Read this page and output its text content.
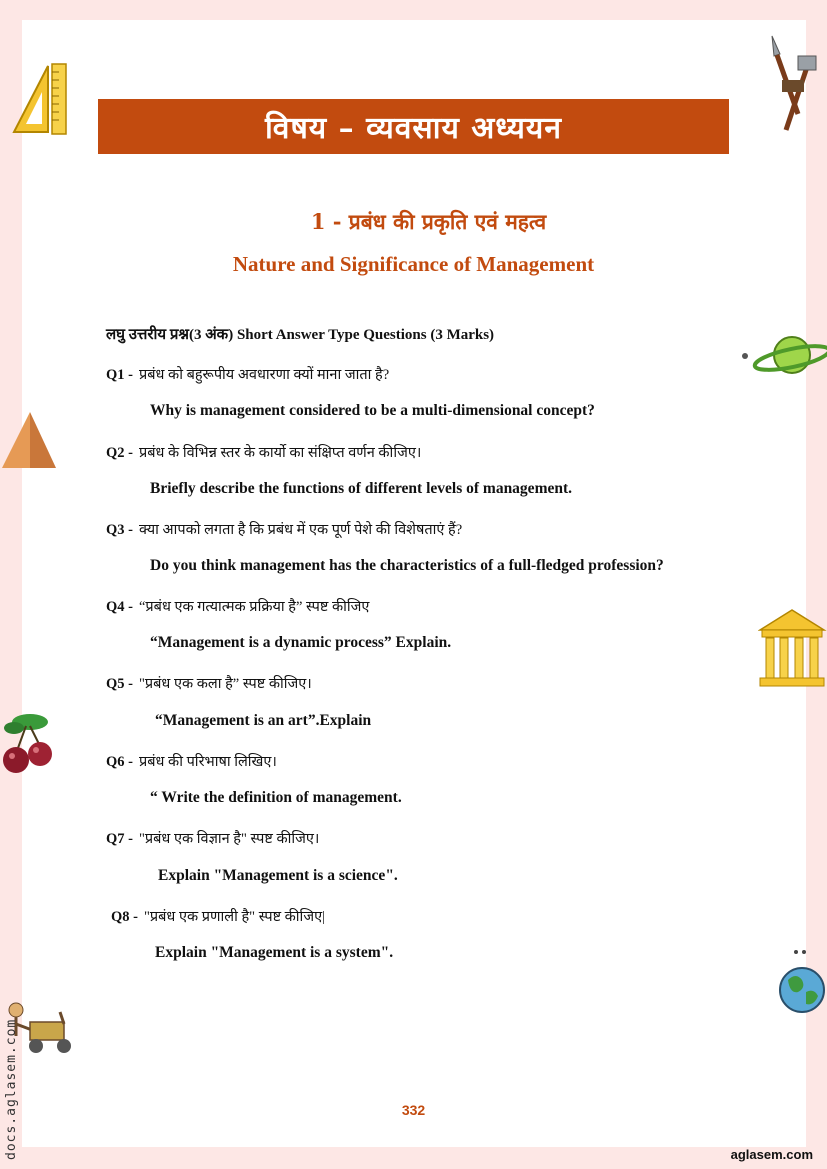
विषय – व्यवसाय अध्ययन
1 - प्रबंध की प्रकृति एवं महत्व
Nature and Significance of Management
लघु उत्तरीय प्रश्न(3 अंक) Short Answer Type Questions (3 Marks)
Q1 - प्रबंध को बहुरूपीय अवधारणा क्यों माना जाता है?
Why is management considered to be a multi-dimensional concept?
Q2 - प्रबंध के विभिन्न स्तर के कार्यो का संक्षिप्त वर्णन कीजिए।
Briefly describe the functions of different levels of management.
Q3 - क्या आपको लगता है कि प्रबंध में एक पूर्ण पेशे की विशेषताएं हैं?
Do you think management has the characteristics of a full-fledged profession?
Q4 - “प्रबंध एक गत्यात्मक प्रक्रिया है” स्पष्ट कीजिए
“Management is a dynamic process” Explain.
Q5 - "प्रबंध एक कला है” स्पष्ट कीजिए।
“Management is an art”.Explain
Q6 - प्रबंध की परिभाषा लिखिए।
“ Write the definition of management.
Q7 - "प्रबंध एक विज्ञान है" स्पष्ट कीजिए।
Explain "Management is a science".
Q8 - "प्रबंध एक प्रणाली है" स्पष्ट कीजिए|
Explain "Management is a system".
332
aglasem.com
docs.aglasem.com
